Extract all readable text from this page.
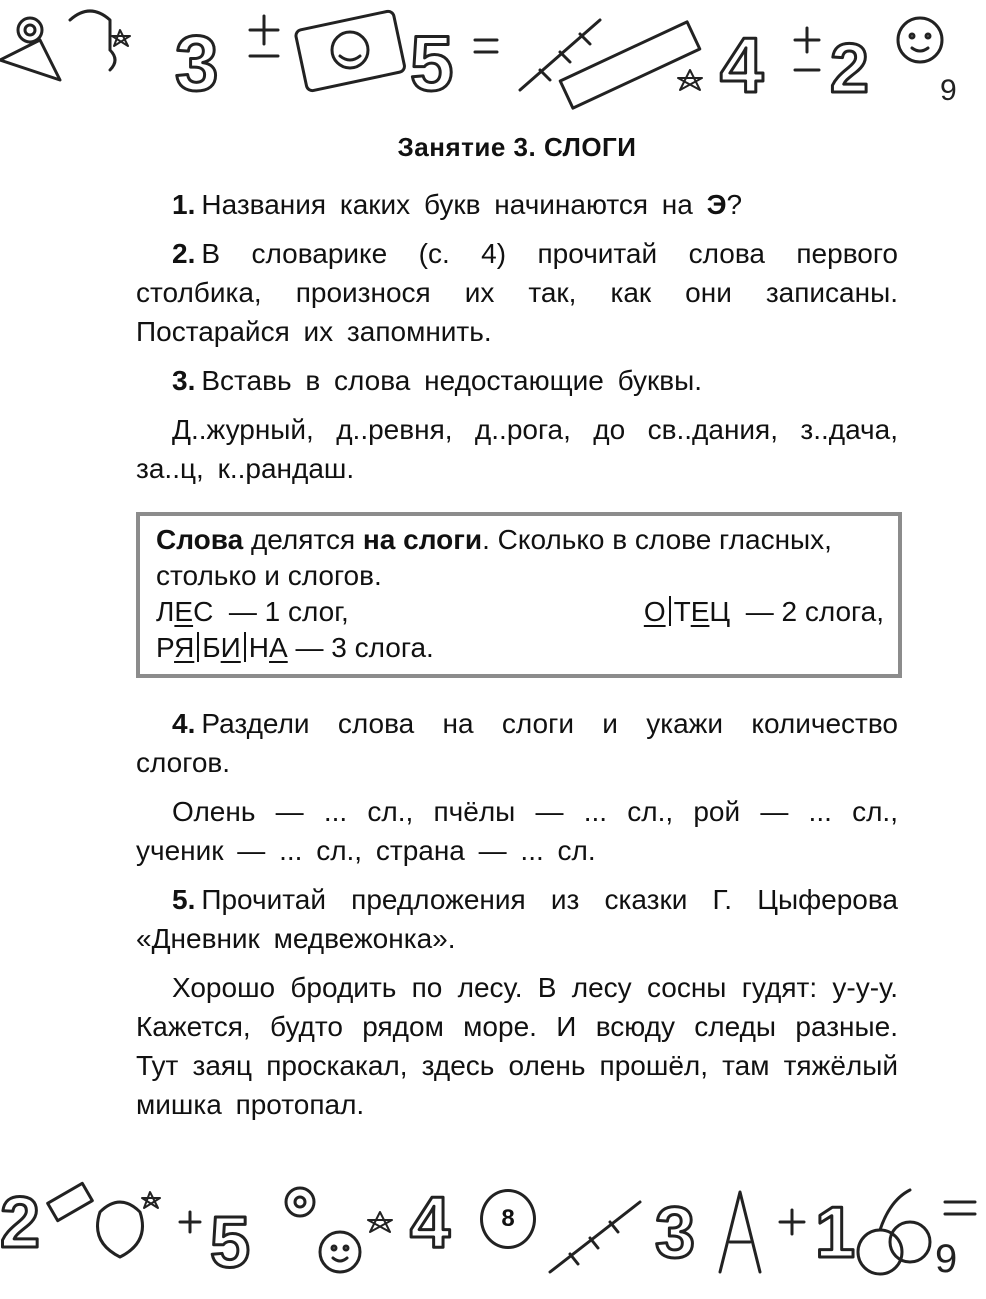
3 5	4 2 9
Занятие 3. СЛОГИ

1. Названия каких букв начинаются на Э?

2. В словарике (с. 4) прочитай слова первого столбика, произнося их так, как они записаны. Постарайся их запомнить.

3. Вставь в слова недостающие буквы.

Д..журный, д..ревня, д..рога, до св..дания, з..дача, за..ц, к..рандаш.

Слова делятся на слоги. Сколько в слове гласных, столько и слогов.
ЛЕС — 1 слог,	О ТЕЦ — 2 слога,
РЯ БИ НА — 3 слога.

4. Раздели слова на слоги и укажи количество слогов.

Олень — ... сл., пчёлы — ... сл., рой — ... сл., ученик — ... сл., страна — ... сл.

5. Прочитай предложения из сказки Г. Цыферова «Дневник медвежонка».

Хорошо бродить по лесу. В лесу сосны гудят: у-у-у. Кажется, будто рядом море. И всюду следы разные. Тут заяц проскакал, здесь олень прошёл, там тяжёлый мишка протопал.

2 5 4	3 1 9
8
